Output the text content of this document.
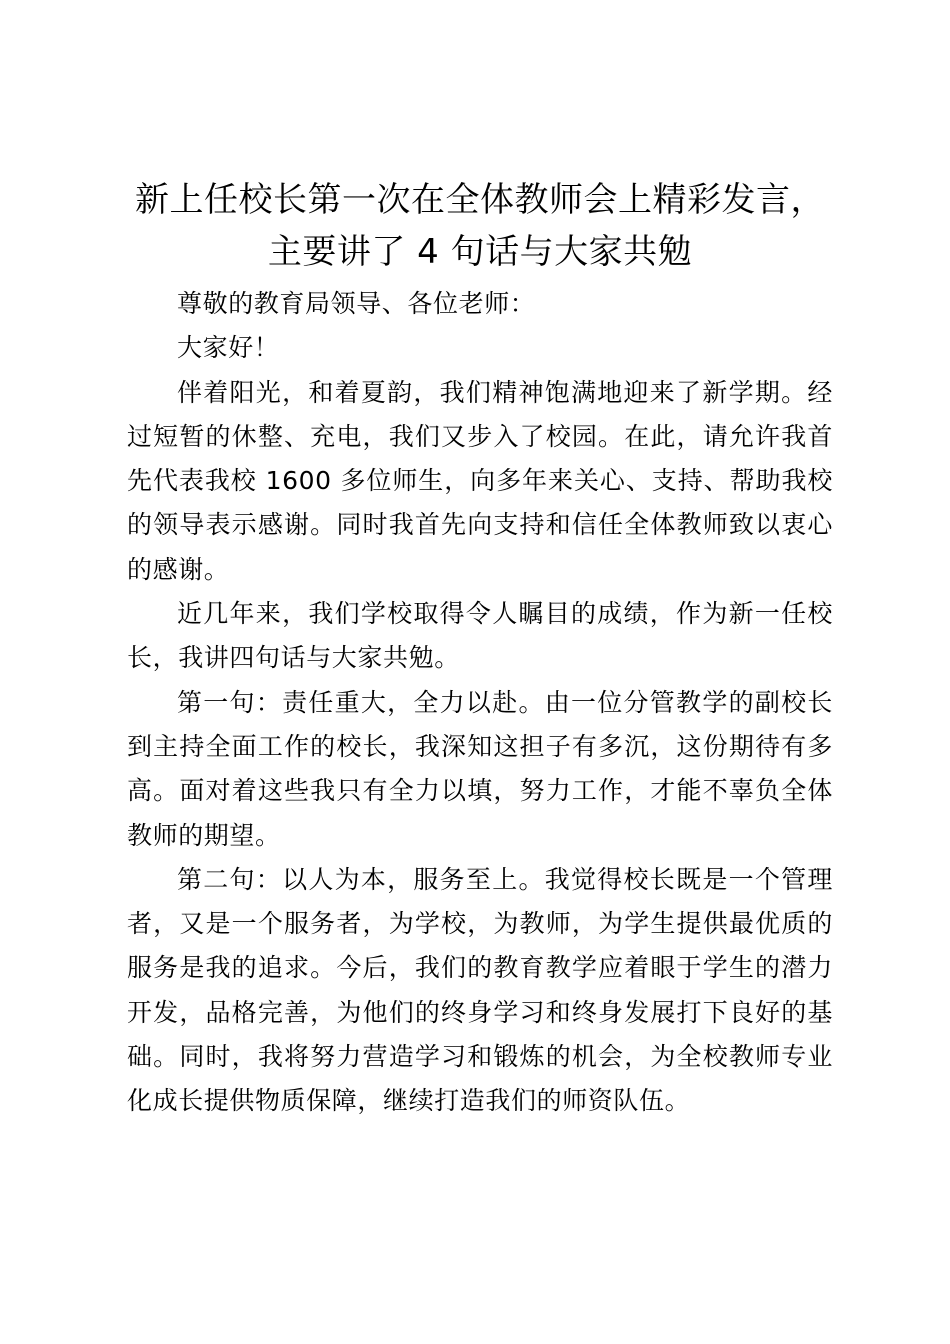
新上任校长第一次在全体教师会上精彩发言，
主要讲了 4 句话与大家共勉

尊敬的教育局领导、各位老师：

大家好！

伴着阳光，和着夏韵，我们精神饱满地迎来了新学期。经过短暂的休整、充电，我们又步入了校园。在此，请允许我首先代表我校 1600 多位师生，向多年来关心、支持、帮助我校的领导表示感谢。同时我首先向支持和信任全体教师致以衷心的感谢。

近几年来，我们学校取得令人瞩目的成绩，作为新一任校长，我讲四句话与大家共勉。

第一句：责任重大，全力以赴。由一位分管教学的副校长到主持全面工作的校长，我深知这担子有多沉，这份期待有多高。面对着这些我只有全力以填，努力工作，才能不辜负全体教师的期望。

第二句：以人为本，服务至上。我觉得校长既是一个管理者，又是一个服务者，为学校，为教师，为学生提供最优质的服务是我的追求。今后，我们的教育教学应着眼于学生的潜力开发，品格完善，为他们的终身学习和终身发展打下良好的基础。同时，我将努力营造学习和锻炼的机会，为全校教师专业化成长提供物质保障，继续打造我们的师资队伍。
